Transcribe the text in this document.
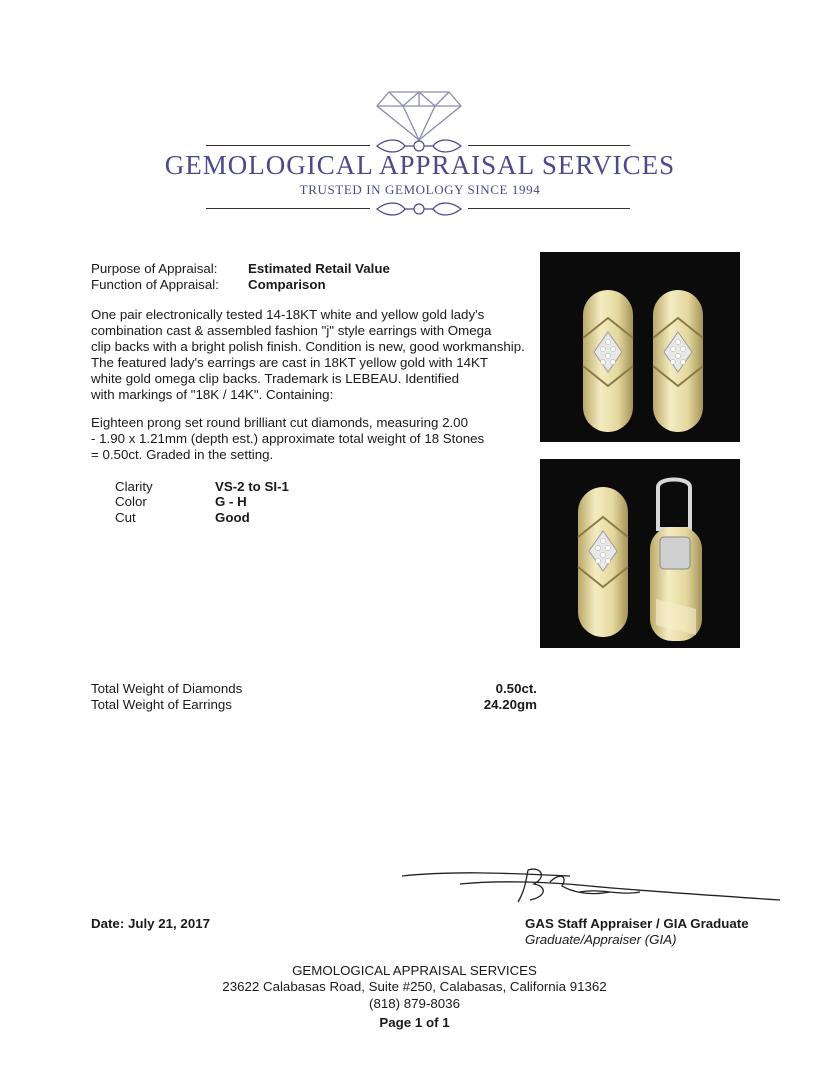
GEMOLOGICAL APPRAISAL SERVICES
TRUSTED IN GEMOLOGY SINCE 1994
Purpose of Appraisal: Estimated Retail Value
Function of Appraisal: Comparison
One pair electronically tested 14-18KT white and yellow gold lady's
combination cast & assembled fashion "j" style earrings with Omega
clip backs with a bright polish finish. Condition is new, good workmanship.
The featured lady's earrings are cast in 18KT yellow gold with 14KT
white gold omega clip backs. Trademark is LEBEAU. Identified
with markings of "18K / 14K". Containing:
Eighteen prong set round brilliant cut diamonds, measuring 2.00
- 1.90 x 1.21mm (depth est.) approximate total weight of 18 Stones
= 0.50ct. Graded in the setting.
Clarity	VS-2 to SI-1
Color	G - H
Cut	Good
Total Weight of Diamonds	0.50ct.
Total Weight of Earrings	24.20gm
Date: July 21, 2017	GAS Staff Appraiser / GIA Graduate
Graduate/Appraiser (GIA)
GEMOLOGICAL APPRAISAL SERVICES
23622 Calabasas Road, Suite #250, Calabasas, California 91362
(818) 879-8036
Page 1 of 1
